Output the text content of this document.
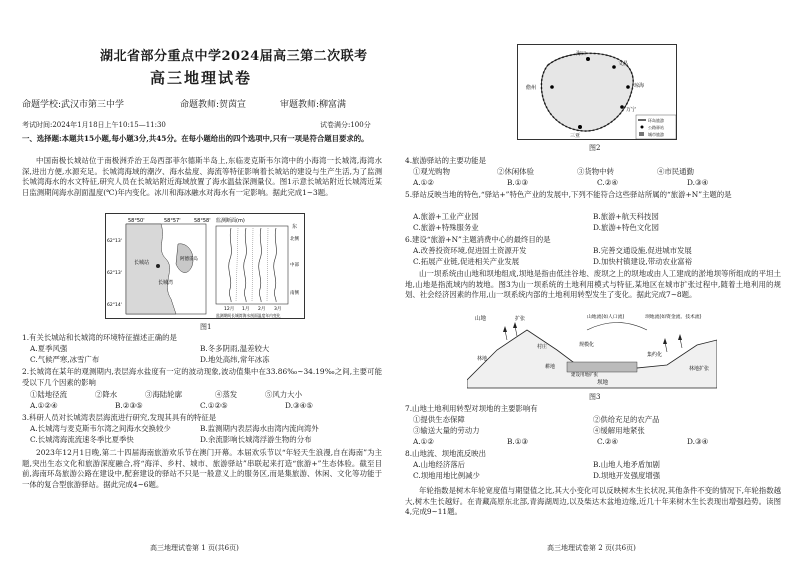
湖北省部分重点中学2024届高三第二次联考
高三地理试卷
命题学校:武汉市第三中学	命题教师:贺茵宣	审题教师:柳富满
考试时间:2024年1月18日上午10:15—11:30	试卷满分:100分
一、选择题:本题共15小题,每小题3分,共45分。在每小题给出的四个选项中,只有一项是符合题目要求的。
中国南极长城站位于南极洲乔治王岛西部菲尔德斯半岛上,东临麦克斯韦尔湾中的小海湾一长城湾,海湾水深,进出方便,水源充足。长城湾海域的潮汐、海水盐度、海流等特征影响着长城站的建设与生产生活,为了监测长城湾海水的水文特征,研究人员在长城站附近海域放置了海水温盐深测量仪。图1示意长城站附近长城湾近某日监测期间海水剖面温度(℃)年内变化。冰川和海冰融水对海水有一定影响。据此完成1~3题。
58°50'	58°57'	58°58'
62°13'
62°13'
62°14'
长城站
阿德雷岛
长城湾
监测断面(m)
东
北侧
中部
南侧
12月 1月 2月 3月
监测期间长城湾海水剖面温度年内变化
图1
1.有关长城站和长城湾的环境特征描述正确的是
A.夏季风强	B.冬多阴雨,温差较大
C.气候严寒,冰雪广布	D.地处高纬,常年冰冻
2.长城湾在某年的观测期内,表层海水盐度有一定的波动现象,波动值集中在33.86‰~34.19‰之间,主要可能受以下几个因素的影响
①陆地径流	②降水	③海陆轮廓	④蒸发	⑤风力大小
A.①②④	B.②③⑤	C.①②⑤	D.③④⑤
3.科研人员对长城湾表层海流进行研究,发现其具有的特征是
A.长城湾与麦克斯韦尔湾之间海水交换较少	B.监测期内表层海水由湾内流向湾外
C.长城湾海流流速冬季比夏季快	D.余流影响长城湾浮游生物的分布
2023年12月1日晚,第二十四届海南旅游欢乐节在澳门开幕。本届欢乐节以“年轻天生浪漫,自在海南”为主题,突出生态文化和旅游深度融合,将“海洋、乡村、城市、旅游驿站”串联起来打造“旅游+”生态体验。截至目前,海南环岛旅游公路在建设中,配套建设的驿站不只是一般意义上的服务区,而是集旅游、休闲、文化等功能于一体的复合型旅游驿站。据此完成4~6题。
高三地理试卷第 1 页(共6页)
海口
三亚
儋州	琼海
万宁
文昌
环岛旅游
公路驿站
城市旅游
图2
4.旅游驿站的主要功能是
①观光购物	②休闲体验	③货物中转	④市民通勤
A.①②	B.①③	C.②④	D.③④
5.驿站反映当地的特色,“驿站+”特色产业的发展中,下列不能符合这些驿站所属的“旅游+N”主题的是
A.旅游+工业产业园	B.旅游+航天科技园
C.旅游+特殊服务业	D.旅游+特色文化园
6.建设“旅游+N”主题消费中心的最终目的是
A.改善投资环境,促进国土资源开发	B.完善交通设施,促进城市发展
C.拓展产业链,促进相关产业发展	D.加快村镇建设,带动农业富裕
山一坝系统由山地和坝地组成,坝地是指由低洼谷地、废坝之上的坝地或由人工建成的淤地坝等所组成的平坦土地,山地是指流域内的坡地。图3为山一坝系统的土地利用模式与特征,某地区在城市扩张过程中,随着土地利用的规划、社会经济因素的作用,山一坝系统内部的土地利用转型发生了变化。据此完成7~8题。
山地
坝地
扩张
村庄
林地
耕地
规模化
集约化
林地扩张
山地流(如人口流)	坝地流(如资金流、技术流)
建设用地扩张
图3
7.山地土地利用转型对坝地的主要影响有
①提供生态保障	②供给充足的农产品
③输送大量的劳动力	④缓解用地紧张
A.①②	B.①③	C.②④	D.③④
8.山地流、坝地流反映出
A.山地经济落后	B.山地人地矛盾加剧
C.坝地用地比例减少	D.坝地开发强度增强
年轮指数是树木年轮宽度值与期望值之比,其大小变化可以反映树木生长状况,其他条件不变的情况下,年轮指数越大,树木生长越好。在青藏高原东北部,青海湖周边,以及柴达木盆地边缘,近几十年来树木生长表现出增强趋势。读图4,完成9~11题。
高三地理试卷第 2 页(共6页)
